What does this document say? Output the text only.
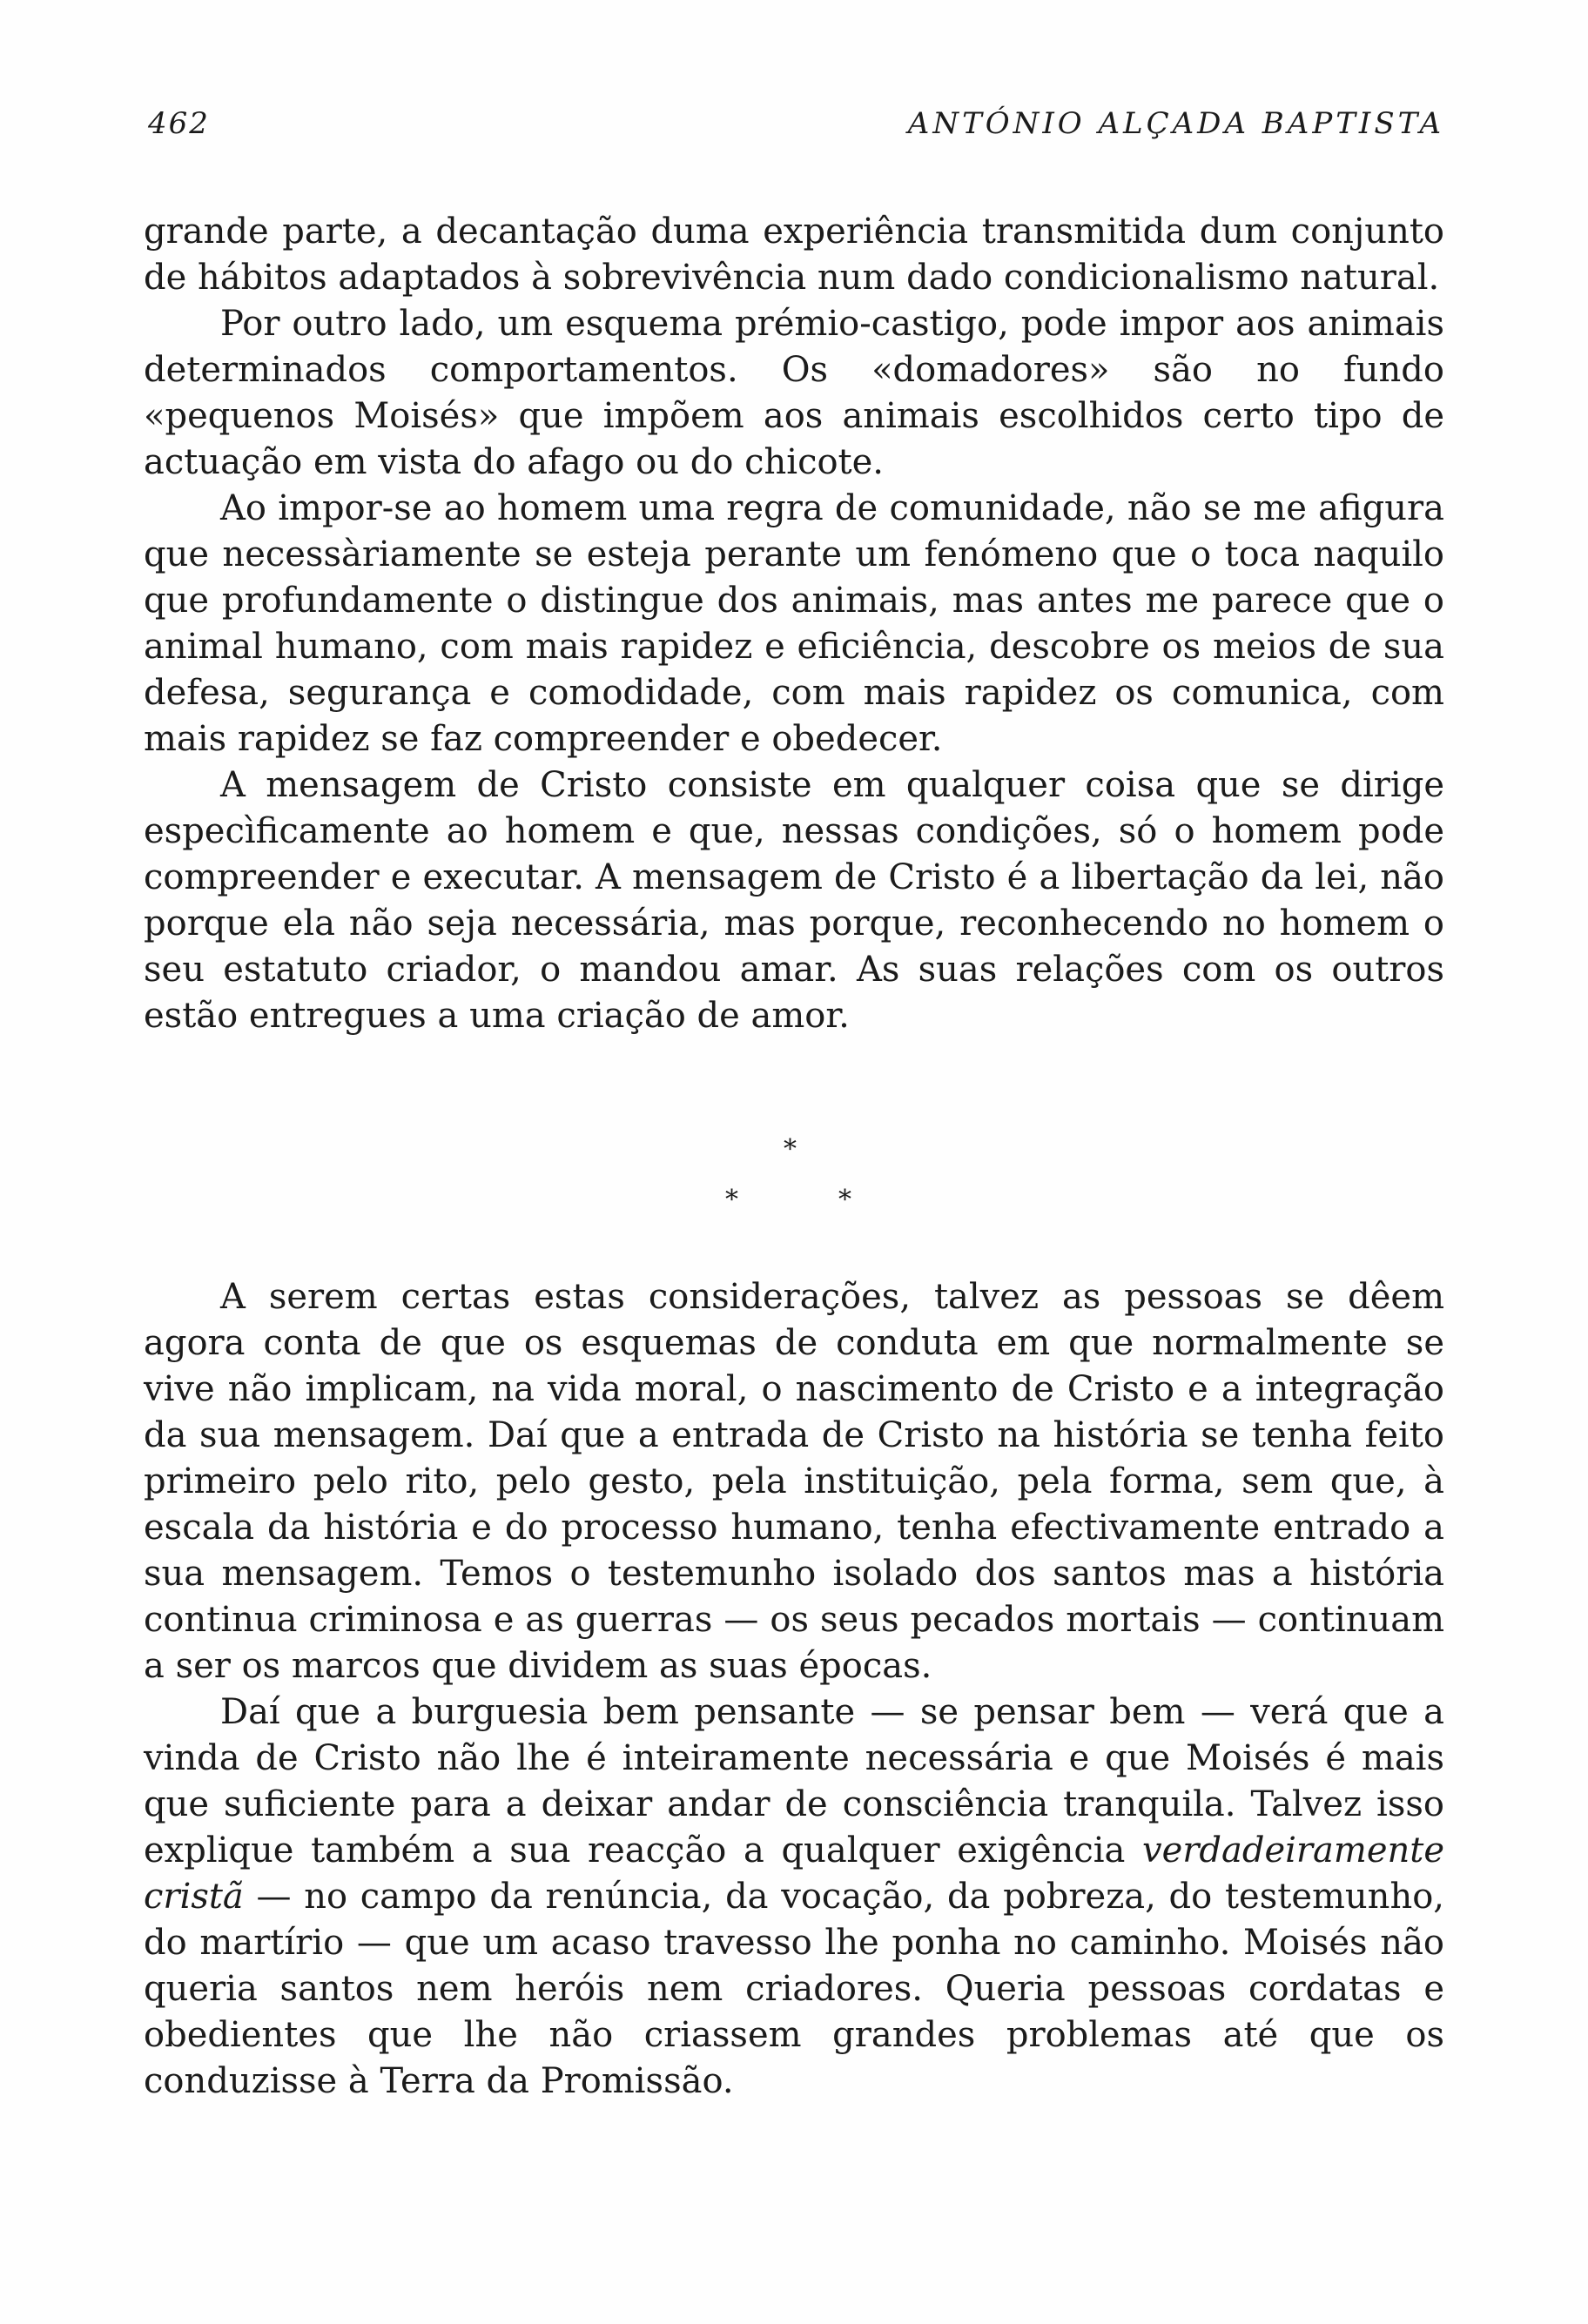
462	ANTÓNIO ALÇADA BAPTISTA

grande parte, a decantação duma experiência transmitida dum conjunto de hábitos adaptados à sobrevivência num dado condicionalismo natural.

Por outro lado, um esquema prémio-castigo, pode impor aos animais determinados comportamentos. Os «domadores» são no fundo «pequenos Moisés» que impõem aos animais escolhidos certo tipo de actuação em vista do afago ou do chicote.

Ao impor-se ao homem uma regra de comunidade, não se me afigura que necessàriamente se esteja perante um fenómeno que o toca naquilo que profundamente o distingue dos animais, mas antes me parece que o animal humano, com mais rapidez e eficiência, descobre os meios de sua defesa, segurança e comodidade, com mais rapidez os comunica, com mais rapidez se faz compreender e obedecer.

A mensagem de Cristo consiste em qualquer coisa que se dirige especìficamente ao homem e que, nessas condições, só o homem pode compreender e executar. A mensagem de Cristo é a libertação da lei, não porque ela não seja necessária, mas porque, reconhecendo no homem o seu estatuto criador, o mandou amar. As suas relações com os outros estão entregues a uma criação de amor.

*
*	*

A serem certas estas considerações, talvez as pessoas se dêem agora conta de que os esquemas de conduta em que normalmente se vive não implicam, na vida moral, o nascimento de Cristo e a integração da sua mensagem. Daí que a entrada de Cristo na história se tenha feito primeiro pelo rito, pelo gesto, pela instituição, pela forma, sem que, à escala da história e do processo humano, tenha efectivamente entrado a sua mensagem. Temos o testemunho isolado dos santos mas a história continua criminosa e as guerras — os seus pecados mortais — continuam a ser os marcos que dividem as suas épocas.

Daí que a burguesia bem pensante — se pensar bem — verá que a vinda de Cristo não lhe é inteiramente necessária e que Moisés é mais que suficiente para a deixar andar de consciência tranquila. Talvez isso explique também a sua reacção a qualquer exigência verdadeiramente cristã — no campo da renúncia, da vocação, da pobreza, do testemunho, do martírio — que um acaso travesso lhe ponha no caminho. Moisés não queria santos nem heróis nem criadores. Queria pessoas cordatas e obedientes que lhe não criassem grandes problemas até que os conduzisse à Terra da Promissão.
